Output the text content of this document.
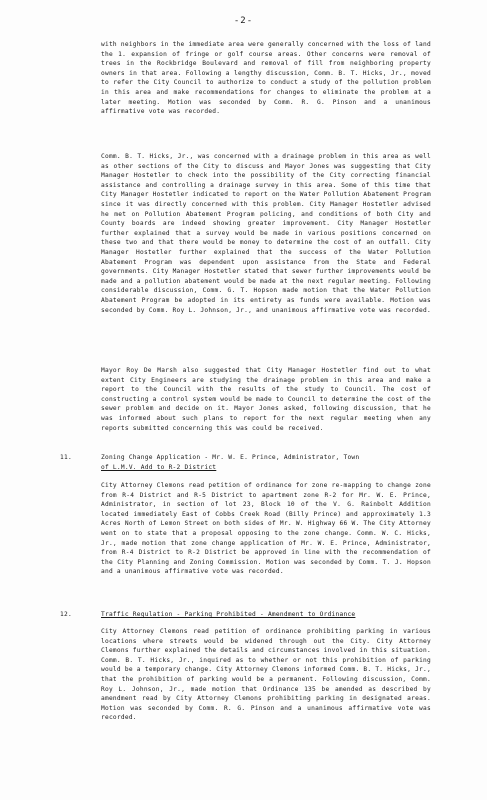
-2-
with neighbors in the immediate area were generally concerned with the loss of land the 1. expansion of fringe or golf course areas. Other concerns were removal of trees in the Rockbridge Boulevard and removal of fill from neighboring property owners in that area. Following a lengthy discussion, Comm. B. T. Hicks, Jr., moved to refer the City Council to authorize to conduct a study of the pollution problem in this area and make recommendations for changes to eliminate the problem at a later meeting. Motion was seconded by Comm. R. G. Pinson and a unanimous affirmative vote was recorded.
Comm. B. T. Hicks, Jr., was concerned with a drainage problem in this area as well as other sections of the City to discuss and Mayor Jones was suggesting that City Manager Hostetler to check into the possibility of the City correcting financial assistance and controlling a drainage survey in this area. Some of this time that City Manager Hostetler indicated to report on the Water Pollution Abatement Program since it was directly concerned with this problem. City Manager Hostetler advised he met on Pollution Abatement Program policing, and conditions of both City and County boards are indeed showing greater improvement. City Manager Hostetler further explained that a survey would be made in various positions concerned on these two and that there would be money to determine the cost of an outfall. City Manager Hostetler further explained that the success of the Water Pollution Abatement Program was dependent upon assistance from the State and Federal governments. City Manager Hostetler stated that sewer further improvements would be made and a pollution abatement would be made at the next regular meeting. Following considerable discussion, Comm. G. T. Hopson made motion that the Water Pollution Abatement Program be adopted in its entirety as funds were available. Motion was seconded by Comm. Roy L. Johnson, Jr., and unanimous affirmative vote was recorded.
Mayor Roy De Marsh also suggested that City Manager Hostetler find out to what extent City Engineers are studying the drainage problem in this area and make a report to the Council with the results of the study to Council. The cost of constructing a control system would be made to Council to determine the cost of the sewer problem and decide on it. Mayor Jones asked, following discussion, that he was informed about such plans to report for the next regular meeting when any reports submitted concerning this was could be received.
11.	Zoning Change Application - Mr. W. E. Prince, Administrator, Town
of L.M.V. Add to R-2 District
City Attorney Clemons read petition of ordinance for zone re-mapping to change zone from R-4 District and R-5 District to apartment zone R-2 for Mr. W. E. Prince, Administrator, in section of lot 23, Block 10 of the V. G. Rainbolt Addition located immediately East of Cobbs Creek Road (Billy Prince) and approximately 1.3 Acres North of Lemon Street on both sides of Mr. W. Highway 66 W. The City Attorney went on to state that a proposal opposing to the zone change. Comm. W. C. Hicks, Jr., made motion that zone change application of Mr. W. E. Prince, Administrator, from R-4 District to R-2 District be approved in line with the recommendation of the City Planning and Zoning Commission. Motion was seconded by Comm. T. J. Hopson and a unanimous affirmative vote was recorded.
12.	Traffic Regulation - Parking Prohibited - Amendment to Ordinance
City Attorney Clemons read petition of ordinance prohibiting parking in various locations where streets would be widened through out the City. City Attorney Clemons further explained the details and circumstances involved in this situation. Comm. B. T. Hicks, Jr., inquired as to whether or not this prohibition of parking would be a temporary change. City Attorney Clemons informed Comm. B. T. Hicks, Jr., that the prohibition of parking would be a permanent. Following discussion, Comm. Roy L. Johnson, Jr., made motion that Ordinance 135 be amended as described by amendment read by City Attorney Clemons prohibiting parking in designated areas. Motion was seconded by Comm. R. G. Pinson and a unanimous affirmative vote was recorded.
